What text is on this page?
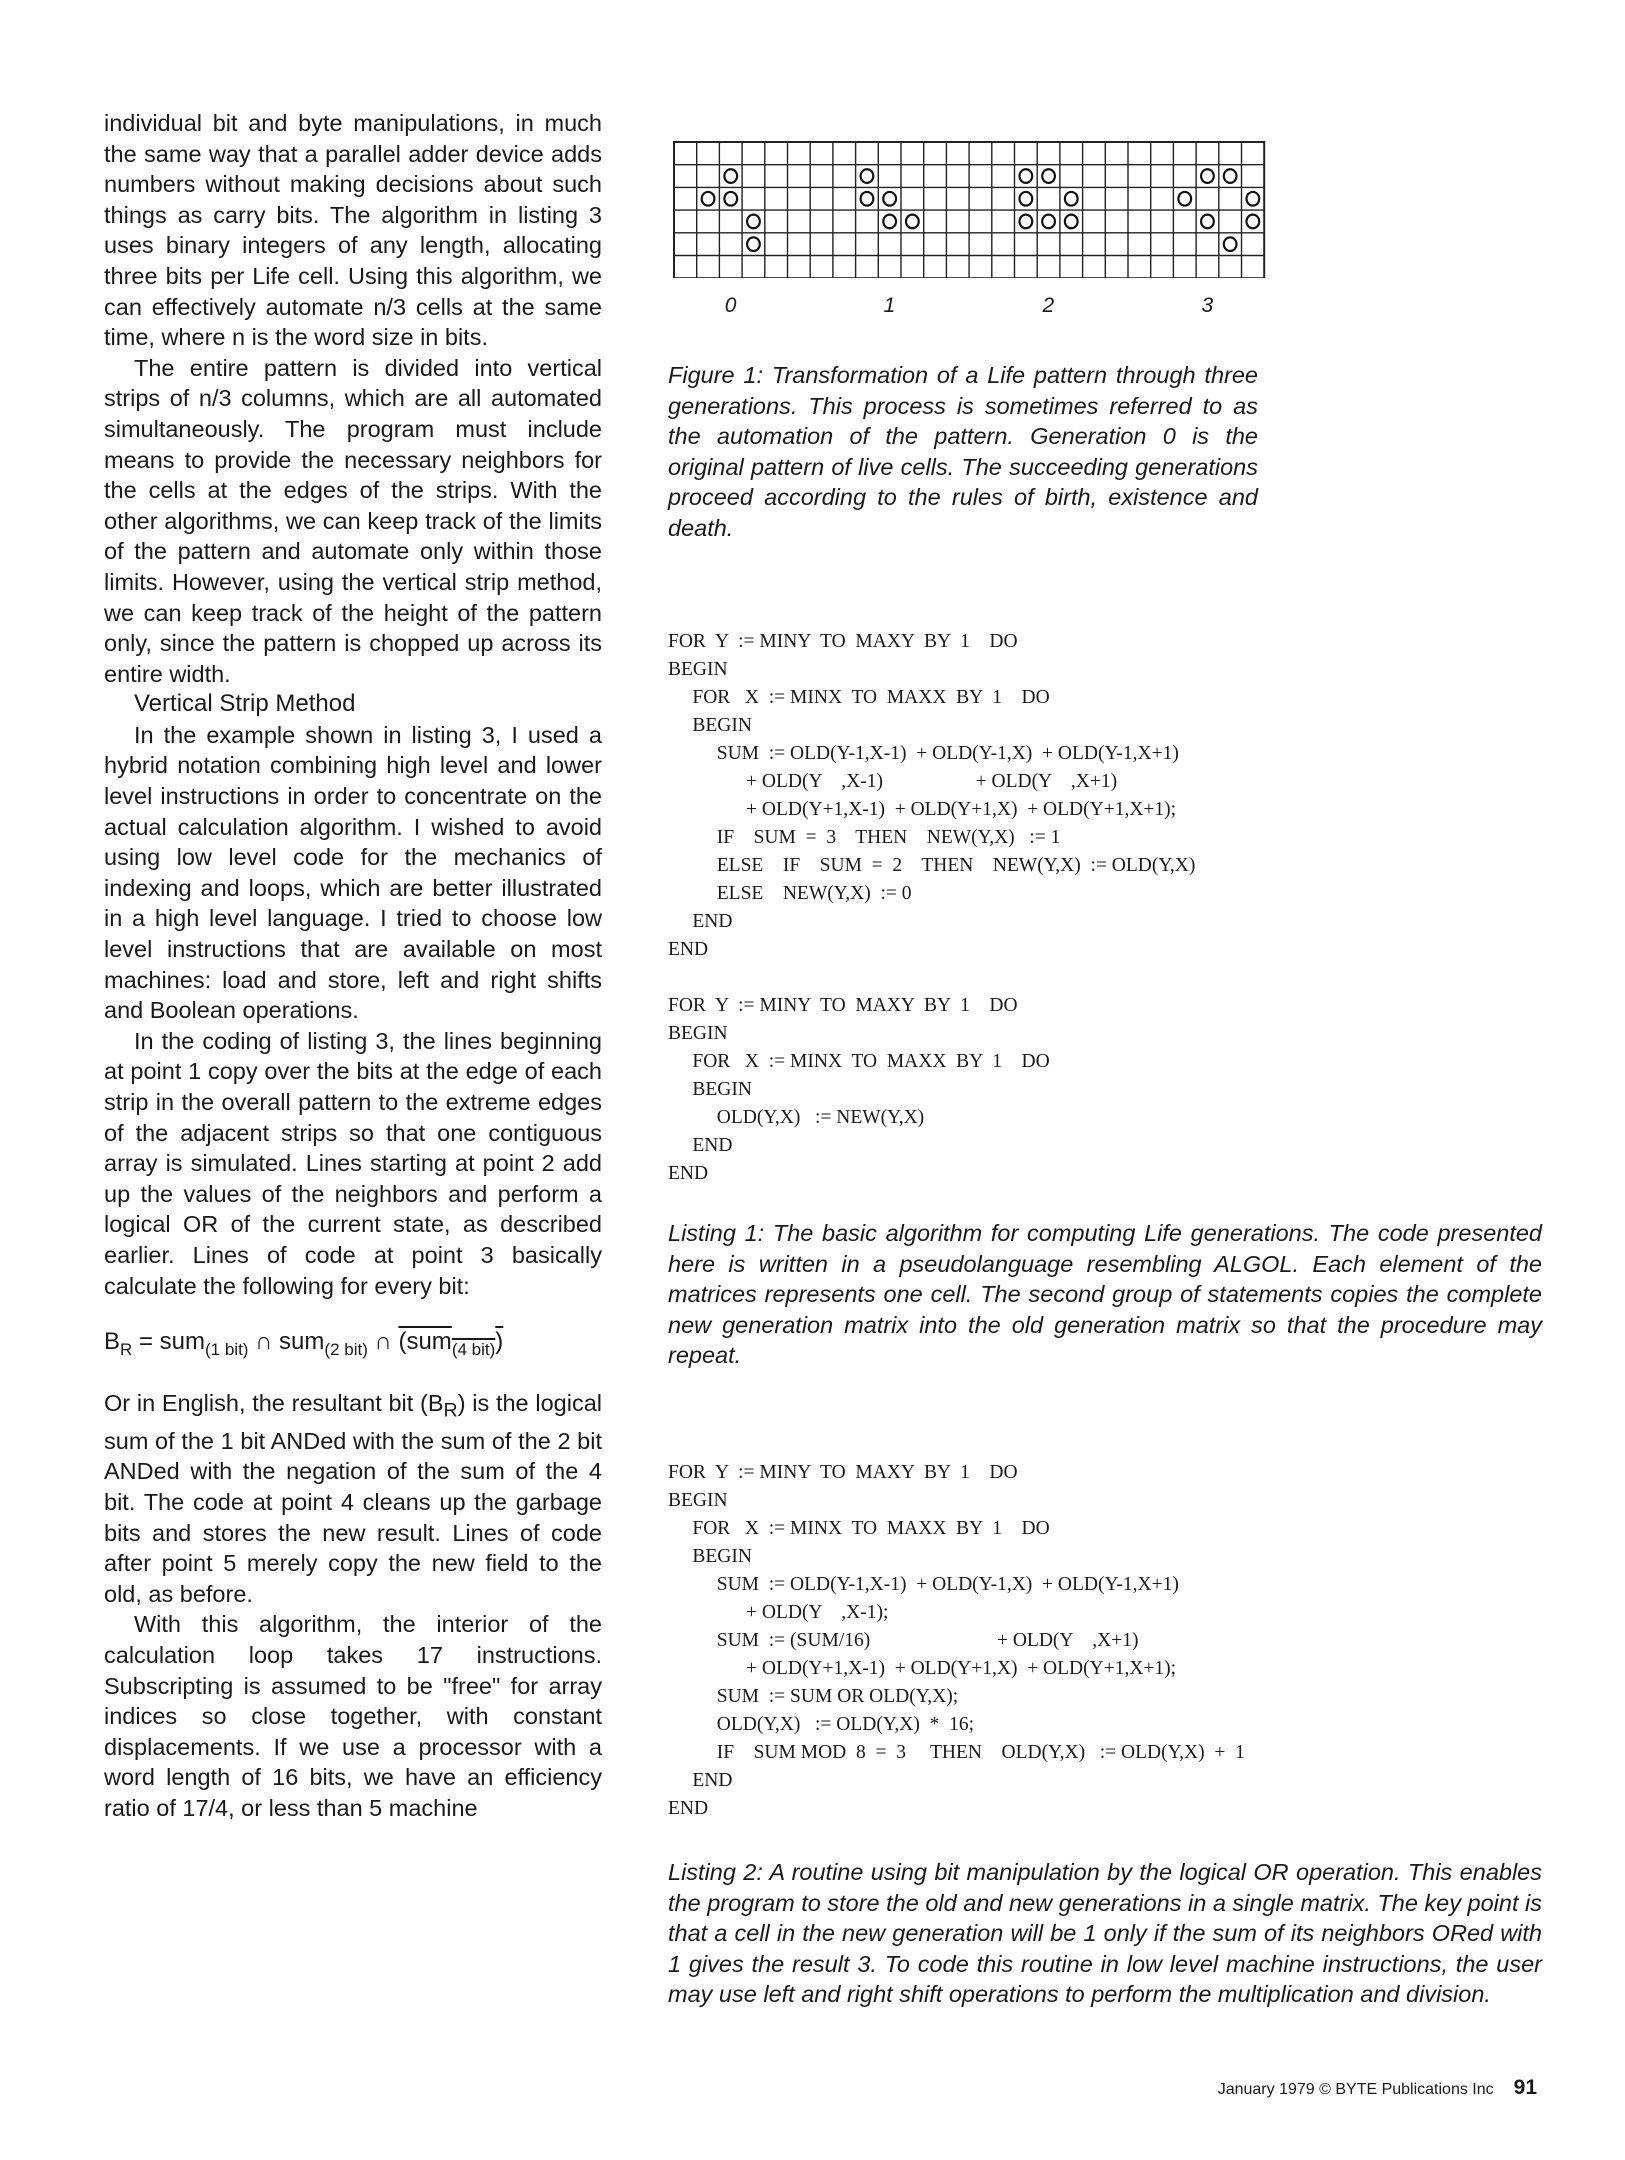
individual bit and byte manipulations, in much the same way that a parallel adder device adds numbers without making decisions about such things as carry bits. The algorithm in listing 3 uses binary integers of any length, allocating three bits per Life cell. Using this algorithm, we can effectively automate n/3 cells at the same time, where n is the word size in bits.

The entire pattern is divided into vertical strips of n/3 columns, which are all automated simultaneously. The program must include means to provide the necessary neighbors for the cells at the edges of the strips. With the other algorithms, we can keep track of the limits of the pattern and automate only within those limits. However, using the vertical strip method, we can keep track of the height of the pattern only, since the pattern is chopped up across its entire width.

Vertical Strip Method

In the example shown in listing 3, I used a hybrid notation combining high level and lower level instructions in order to concentrate on the actual calculation algorithm. I wished to avoid using low level code for the mechanics of indexing and loops, which are better illustrated in a high level language. I tried to choose low level instructions that are available on most machines: load and store, left and right shifts and Boolean operations.

In the coding of listing 3, the lines beginning at point 1 copy over the bits at the edge of each strip in the overall pattern to the extreme edges of the adjacent strips so that one contiguous array is simulated. Lines starting at point 2 add up the values of the neighbors and perform a logical OR of the current state, as described earlier. Lines of code at point 3 basically calculate the following for every bit:

$B_R = sum_{(1 bit)}$ ∩ sum$_{(2 bit)}$ ∩ (sum$_{(4 bit)}$)

Or in English, the resultant bit $(B_R)$ is the logical sum of the 1 bit ANDed with the sum of the 2 bit ANDed with the negation of the sum of the 4 bit. The code at point 4 cleans up the garbage bits and stores the new result. Lines of code after point 5 merely copy the new field to the old, as before.

With this algorithm, the interior of the calculation loop takes 17 instructions. Subscripting is assumed to be "free" for array indices so close together, with constant displacements. If we use a processor with a word length of 16 bits, we have an efficiency ratio of 17/4, or less than 5 machine

0	1	2	3

Figure 1: Transformation of a Life pattern through three generations. This process is sometimes referred to as the automation of the pattern. Generation 0 is the original pattern of live cells. The succeeding generations proceed according to the rules of birth, existence and death.

FOR  Y  := MINY  TO  MAXY  BY  1    DO
BEGIN
FOR   X  := MINX  TO  MAXX  BY  1    DO
BEGIN
SUM  := OLD(Y-1,X-1)  + OLD(Y-1,X)  + OLD(Y-1,X+1)
+ OLD(Y    ,X-1)                   + OLD(Y    ,X+1)
+ OLD(Y+1,X-1)  + OLD(Y+1,X)  + OLD(Y+1,X+1);
IF    SUM  =  3    THEN    NEW(Y,X)   := 1
ELSE    IF    SUM  =  2    THEN    NEW(Y,X)  := OLD(Y,X)
ELSE    NEW(Y,X)  := 0
END
END

FOR  Y  := MINY  TO  MAXY  BY  1    DO
BEGIN
FOR   X  := MINX  TO  MAXX  BY  1    DO
BEGIN
OLD(Y,X)   := NEW(Y,X)
END
END

Listing 1: The basic algorithm for computing Life generations. The code presented here is written in a pseudolanguage resembling ALGOL. Each element of the matrices represents one cell. The second group of statements copies the complete new generation matrix into the old generation matrix so that the procedure may repeat.

FOR  Y  := MINY  TO  MAXY  BY  1    DO
BEGIN
FOR   X  := MINX  TO  MAXX  BY  1    DO
BEGIN
SUM  := OLD(Y-1,X-1)  + OLD(Y-1,X)  + OLD(Y-1,X+1)
+ OLD(Y    ,X-1);
SUM  := (SUM/16)                          + OLD(Y    ,X+1)
+ OLD(Y+1,X-1)  + OLD(Y+1,X)  + OLD(Y+1,X+1);
SUM  := SUM OR OLD(Y,X);
OLD(Y,X)   := OLD(Y,X)  *  16;
IF    SUM MOD  8  =  3     THEN    OLD(Y,X)   := OLD(Y,X)  +  1
END
END

Listing 2: A routine using bit manipulation by the logical OR operation. This enables the program to store the old and new generations in a single matrix. The key point is that a cell in the new generation will be 1 only if the sum of its neighbors ORed with 1 gives the result 3. To code this routine in low level machine instructions, the user may use left and right shift operations to perform the multiplication and division.

January 1979 © BYTE Publications Inc 91
